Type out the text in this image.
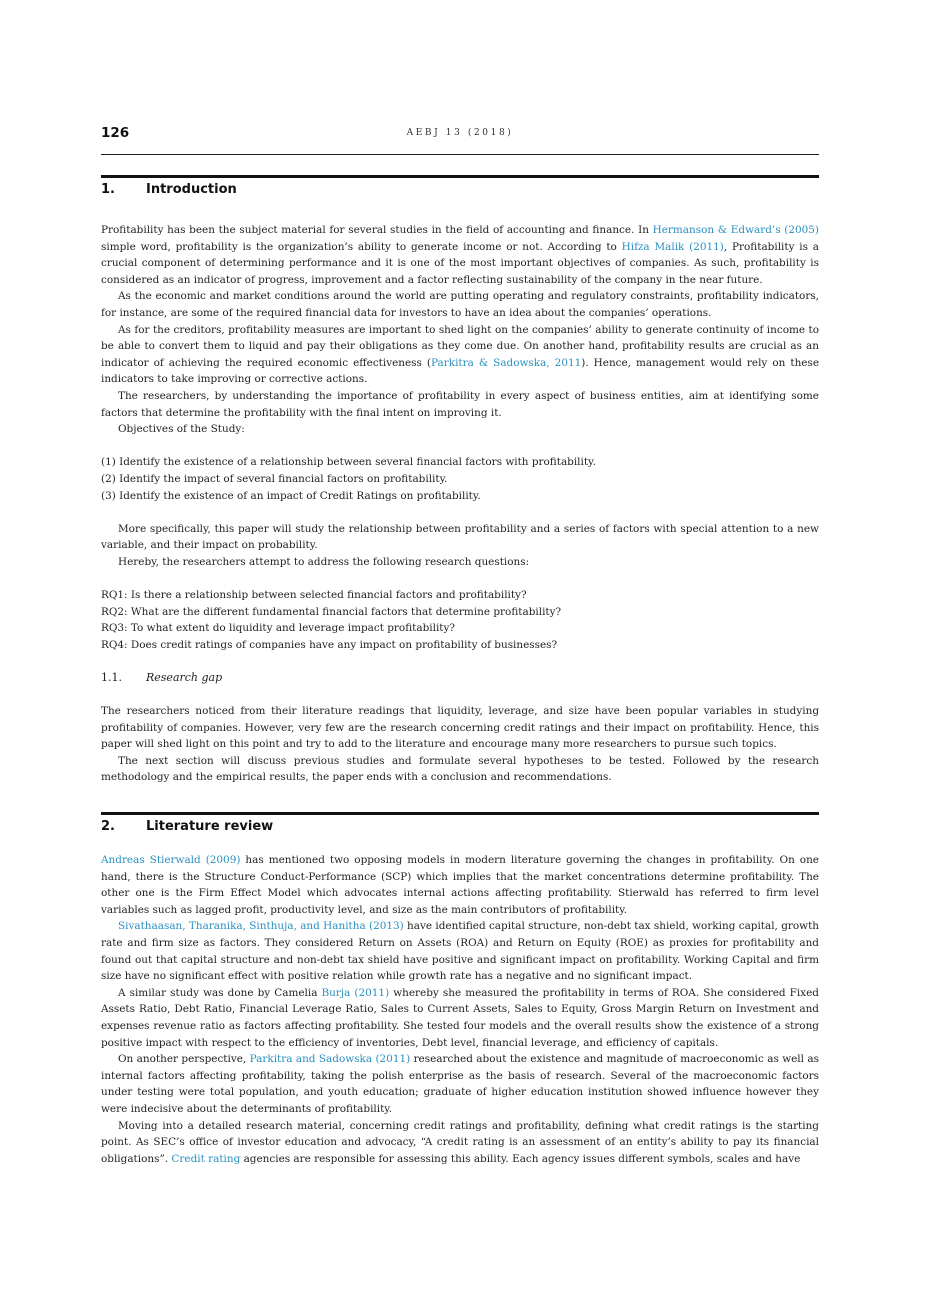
126	AEBJ 13 (2018)
1. Introduction

Profitability has been the subject material for several studies in the field of accounting and finance. In Hermanson & Edward’s (2005) simple word, profitability is the organization’s ability to generate income or not. According to Hifza Malik (2011), Profitability is a crucial component of determining performance and it is one of the most important objectives of companies. As such, profitability is considered as an indicator of progress, improvement and a factor reflecting sustainability of the company in the near future.

As the economic and market conditions around the world are putting operating and regulatory constraints, profitability indicators, for instance, are some of the required financial data for investors to have an idea about the companies’ operations.

As for the creditors, profitability measures are important to shed light on the companies’ ability to generate continuity of income to be able to convert them to liquid and pay their obligations as they come due. On another hand, profitability results are crucial as an indicator of achieving the required economic effectiveness (Parkitra & Sadowska, 2011). Hence, management would rely on these indicators to take improving or corrective actions.

The researchers, by understanding the importance of profitability in every aspect of business entities, aim at identifying some factors that determine the profitability with the final intent on improving it.

Objectives of the Study:

(1) Identify the existence of a relationship between several financial factors with profitability.
(2) Identify the impact of several financial factors on profitability.
(3) Identify the existence of an impact of Credit Ratings on profitability.

More specifically, this paper will study the relationship between profitability and a series of factors with special attention to a new variable, and their impact on probability.

Hereby, the researchers attempt to address the following research questions:

RQ1: Is there a relationship between selected financial factors and profitability?
RQ2: What are the different fundamental financial factors that determine profitability?
RQ3: To what extent do liquidity and leverage impact profitability?
RQ4: Does credit ratings of companies have any impact on profitability of businesses?
1.1. Research gap

The researchers noticed from their literature readings that liquidity, leverage, and size have been popular variables in studying profitability of companies. However, very few are the research concerning credit ratings and their impact on profitability. Hence, this paper will shed light on this point and try to add to the literature and encourage many more researchers to pursue such topics.

The next section will discuss previous studies and formulate several hypotheses to be tested. Followed by the research methodology and the empirical results, the paper ends with a conclusion and recommendations.

2. Literature review

Andreas Stierwald (2009) has mentioned two opposing models in modern literature governing the changes in profitability. On one hand, there is the Structure Conduct-Performance (SCP) which implies that the market concentrations determine profitability. The other one is the Firm Effect Model which advocates internal actions affecting profitability. Stierwald has referred to firm level variables such as lagged profit, productivity level, and size as the main contributors of profitability.

Sivathaasan, Tharanika, Sinthuja, and Hanitha (2013) have identified capital structure, non-debt tax shield, working capital, growth rate and firm size as factors. They considered Return on Assets (ROA) and Return on Equity (ROE) as proxies for profitability and found out that capital structure and non-debt tax shield have positive and significant impact on profitability. Working Capital and firm size have no significant effect with positive relation while growth rate has a negative and no significant impact.

A similar study was done by Camelia Burja (2011) whereby she measured the profitability in terms of ROA. She considered Fixed Assets Ratio, Debt Ratio, Financial Leverage Ratio, Sales to Current Assets, Sales to Equity, Gross Margin Return on Investment and expenses revenue ratio as factors affecting profitability. She tested four models and the overall results show the existence of a strong positive impact with respect to the efficiency of inventories, Debt level, financial leverage, and efficiency of capitals.

On another perspective, Parkitra and Sadowska (2011) researched about the existence and magnitude of macroeconomic as well as internal factors affecting profitability, taking the polish enterprise as the basis of research. Several of the macroeconomic factors under testing were total population, and youth education; graduate of higher education institution showed influence however they were indecisive about the determinants of profitability.

Moving into a detailed research material, concerning credit ratings and profitability, defining what credit ratings is the starting point. As SEC’s office of investor education and advocacy, “A credit rating is an assessment of an entity’s ability to pay its financial obligations”. Credit rating agencies are responsible for assessing this ability. Each agency issues different symbols, scales and have
